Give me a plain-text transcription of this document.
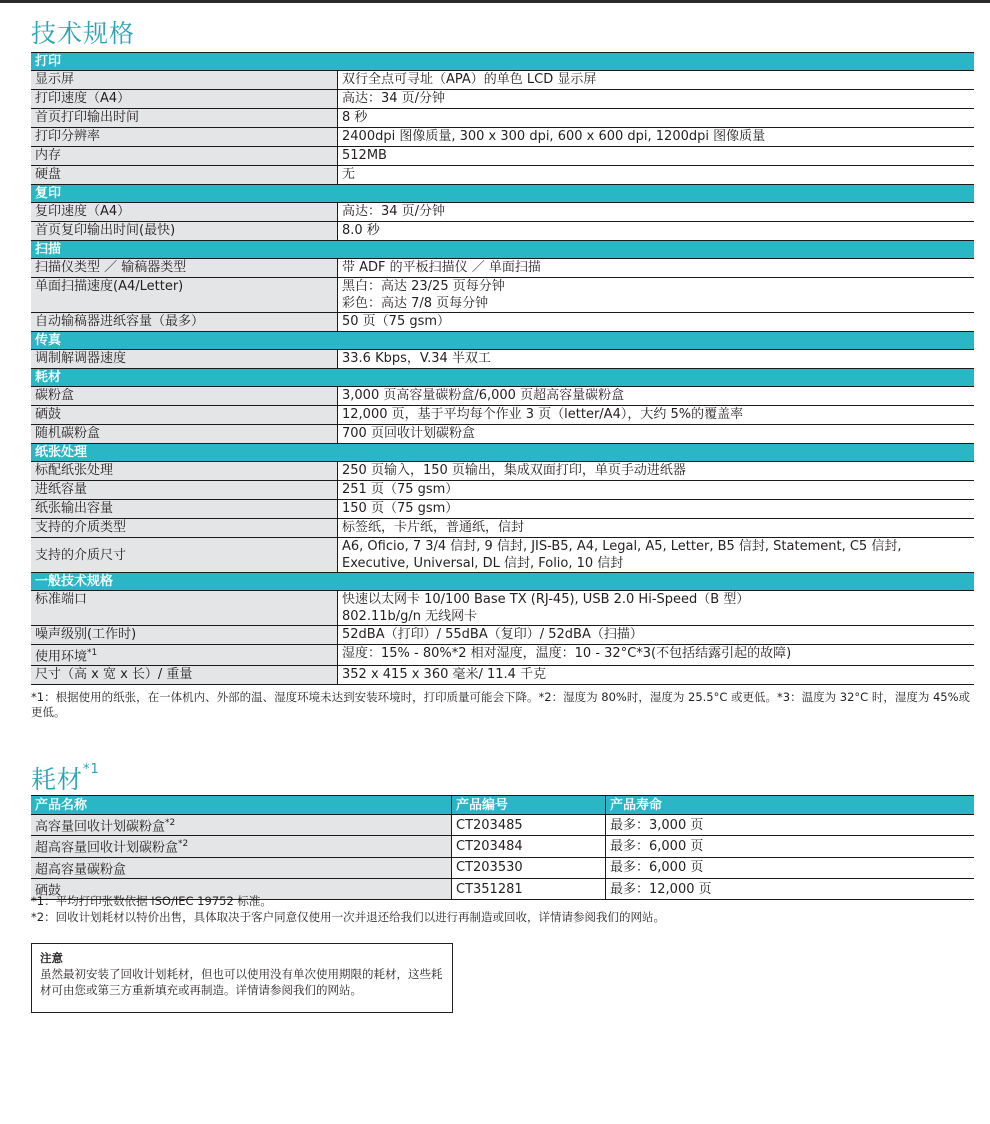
技术规格
打印	
显示屏	双行全点可寻址（APA）的单色 LCD 显示屏

打印速度（A4）	高达：34 页/分钟

首页打印输出时间	8 秒

打印分辨率	2400dpi 图像质量, 300 x 300 dpi, 600 x 600 dpi, 1200dpi 图像质量

内存	512MB

硬盘	无

复印	
复印速度（A4）	高达：34 页/分钟

首页复印输出时间(最快)	8.0 秒

扫描	
扫描仪类型 ／ 输稿器类型	带 ADF 的平板扫描仪 ／ 单面扫描

单面扫描速度(A4/Letter)	黑白：高达 23/25 页每分钟
彩色：高达 7/8 页每分钟

自动输稿器进纸容量（最多）	50 页（75 gsm）

传真	
调制解调器速度	33.6 Kbps，V.34 半双工

耗材	
碳粉盒	3,000 页高容量碳粉盒/6,000 页超高容量碳粉盒

硒鼓	12,000 页，基于平均每个作业 3 页（letter/A4），大约 5%的覆盖率

随机碳粉盒	700 页回收计划碳粉盒

纸张处理	
标配纸张处理	250 页输入，150 页输出，集成双面打印，单页手动进纸器

进纸容量	251 页（75 gsm）

纸张输出容量	150 页（75 gsm）

支持的介质类型	标签纸，卡片纸，普通纸，信封

支持的介质尺寸	A6, Oficio, 7 3/4 信封, 9 信封, JIS-B5, A4, Legal, A5, Letter, B5 信封, Statement, C5 信封,
Executive, Universal, DL 信封, Folio, 10 信封

一般技术规格	
标准端口	快速以太网卡 10/100 Base TX (RJ-45), USB 2.0 Hi-Speed（B 型）
802.11b/g/n 无线网卡

噪声级别(工作时)	52dBA（打印）/ 55dBA（复印）/ 52dBA（扫描）

使用环境$^{*1}$	湿度：15% - 80%*2 相对湿度，温度：10 - 32°C*3(不包括结露引起的故障)

尺寸（高 x 宽 x 长）/ 重量	352 x 415 x 360 毫米/ 11.4 千克
*1：根据使用的纸张，在一体机内、外部的温、湿度环境未达到安装环境时，打印质量可能会下降。*2：湿度为 80%时，湿度为 25.5°C 或更低。*3：温度为 32°C 时，湿度为 45%或更低。
耗材$^{*1}$
产品名称	产品编号	产品寿命
高容量回收计划碳粉盒$^{*2}$	CT203485	最多：3,000 页
超高容量回收计划碳粉盒$^{*2}$	CT203484	最多：6,000 页
超高容量碳粉盒	CT203530	最多：6,000 页
硒鼓	CT351281	最多：12,000 页
*1：平均打印张数依据 ISO/IEC 19752 标准。
*2：回收计划耗材以特价出售，具体取决于客户同意仅使用一次并退还给我们以进行再制造或回收，详情请参阅我们的网站。
注意
虽然最初安装了回收计划耗材，但也可以使用没有单次使用期限的耗材，这些耗材可由您或第三方重新填充或再制造。详情请参阅我们的网站。
